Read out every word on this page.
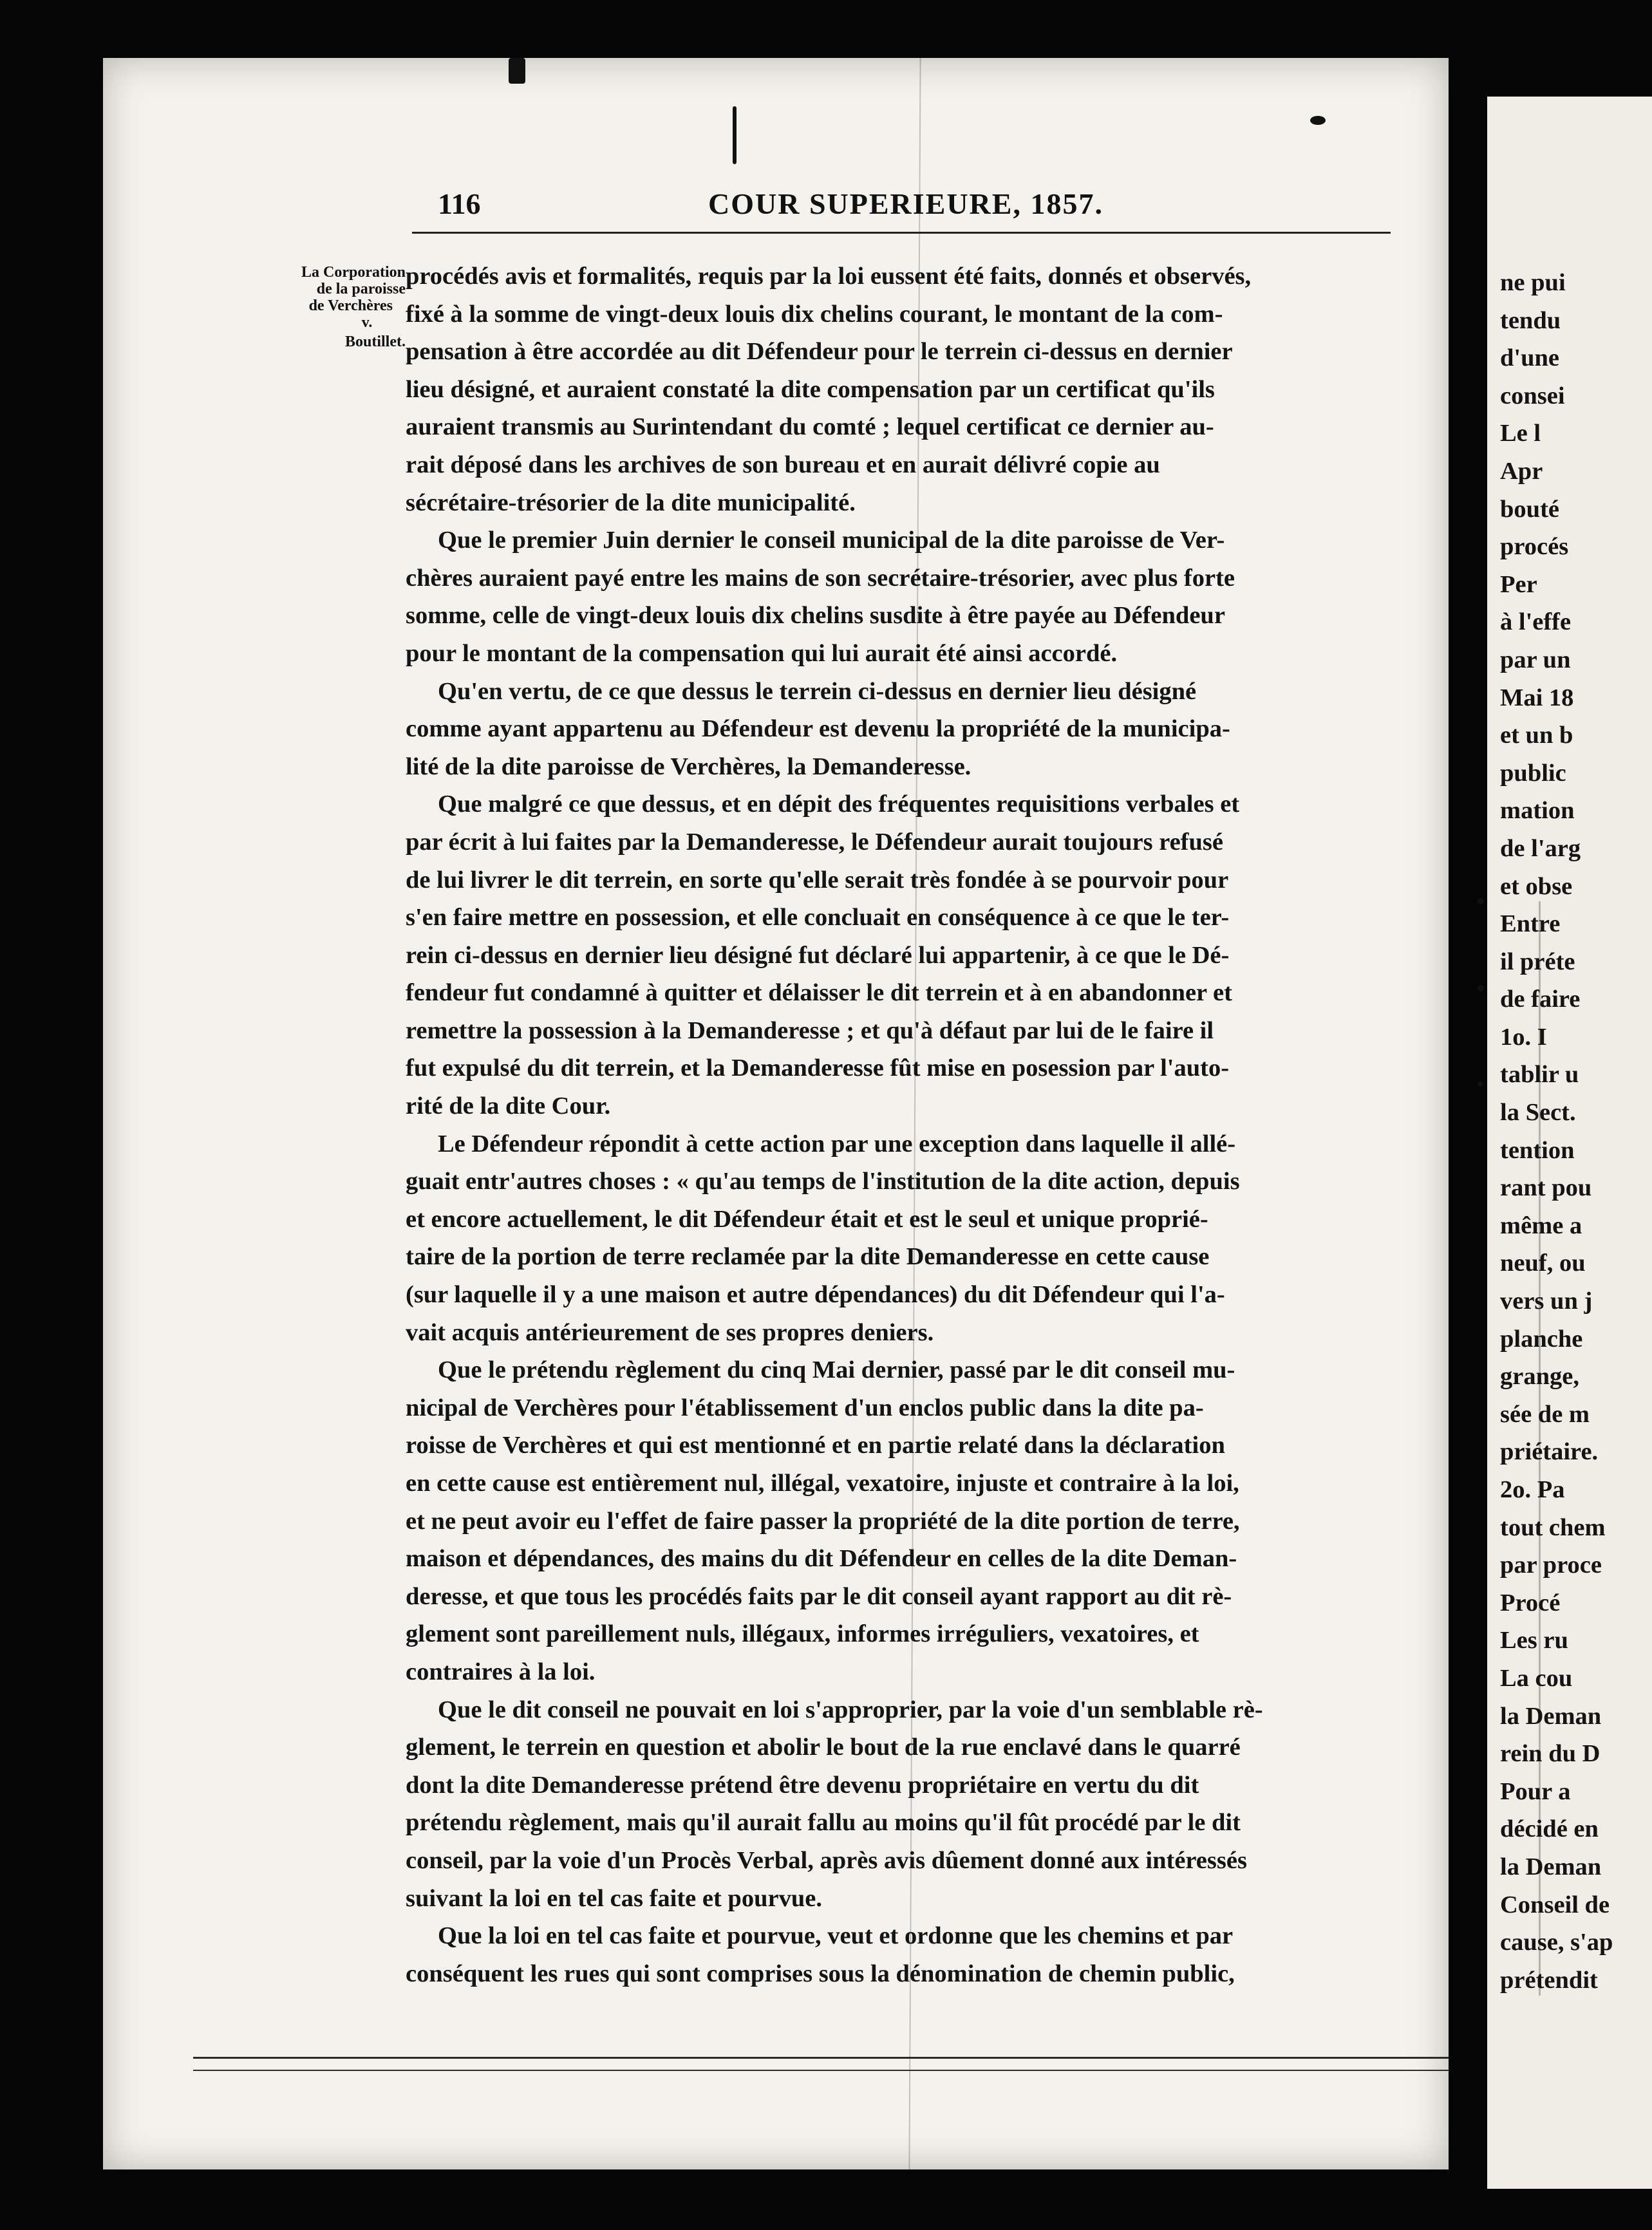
116	COUR SUPERIEURE, 1857.
La Corporation
de la paroisse
de Verchères
v.
Boutillet.
procédés avis et formalités, requis par la loi eussent été faits, donnés et observés,
fixé à la somme de vingt-deux louis dix chelins courant, le montant de la com-
pensation à être accordée au dit Défendeur pour le terrein ci-dessus en dernier
lieu désigné, et auraient constaté la dite compensation par un certificat qu'ils
auraient transmis au Surintendant du comté ; lequel certificat ce dernier au-
rait déposé dans les archives de son bureau et en aurait délivré copie au
sécrétaire-trésorier de la dite municipalité.
Que le premier Juin dernier le conseil municipal de la dite paroisse de Ver-
chères auraient payé entre les mains de son secrétaire-trésorier, avec plus forte
somme, celle de vingt-deux louis dix chelins susdite à être payée au Défendeur
pour le montant de la compensation qui lui aurait été ainsi accordé.
Qu'en vertu, de ce que dessus le terrein ci-dessus en dernier lieu désigné
comme ayant appartenu au Défendeur est devenu la propriété de la municipa-
lité de la dite paroisse de Verchères, la Demanderesse.
Que malgré ce que dessus, et en dépit des fréquentes requisitions verbales et
par écrit à lui faites par la Demanderesse, le Défendeur aurait toujours refusé
de lui livrer le dit terrein, en sorte qu'elle serait très fondée à se pourvoir pour
s'en faire mettre en possession, et elle concluait en conséquence à ce que le ter-
rein ci-dessus en dernier lieu désigné fut déclaré lui appartenir, à ce que le Dé-
fendeur fut condamné à quitter et délaisser le dit terrein et à en abandonner et
remettre la possession à la Demanderesse ; et qu'à défaut par lui de le faire il
fut expulsé du dit terrein, et la Demanderesse fût mise en posession par l'auto-
rité de la dite Cour.
Le Défendeur répondit à cette action par une exception dans laquelle il allé-
guait entr'autres choses : « qu'au temps de l'institution de la dite action, depuis
et encore actuellement, le dit Défendeur était et est le seul et unique proprié-
taire de la portion de terre reclamée par la dite Demanderesse en cette cause
(sur laquelle il y a une maison et autre dépendances) du dit Défendeur qui l'a-
vait acquis antérieurement de ses propres deniers.
Que le prétendu règlement du cinq Mai dernier, passé par le dit conseil mu-
nicipal de Verchères pour l'établissement d'un enclos public dans la dite pa-
roisse de Verchères et qui est mentionné et en partie relaté dans la déclaration
en cette cause est entièrement nul, illégal, vexatoire, injuste et contraire à la loi,
et ne peut avoir eu l'effet de faire passer la propriété de la dite portion de terre,
maison et dépendances, des mains du dit Défendeur en celles de la dite Deman-
deresse, et que tous les procédés faits par le dit conseil ayant rapport au dit rè-
glement sont pareillement nuls, illégaux, informes irréguliers, vexatoires, et
contraires à la loi.
Que le dit conseil ne pouvait en loi s'approprier, par la voie d'un semblable rè-
glement, le terrein en question et abolir le bout de la rue enclavé dans le quarré
dont la dite Demanderesse prétend être devenu propriétaire en vertu du dit
prétendu règlement, mais qu'il aurait fallu au moins qu'il fût procédé par le dit
conseil, par la voie d'un Procès Verbal, après avis dûement donné aux intéressés
suivant la loi en tel cas faite et pourvue.
Que la loi en tel cas faite et pourvue, veut et ordonne que les chemins et par
conséquent les rues qui sont comprises sous la dénomination de chemin public,
ne pui
tendu
d'une
consei
Le l
Apr
bouté
procés
Per
à l'effe
par un
Mai 18
et un b
public
mation
de l'arg
et obse
Entre
il préte
de faire
1o. I
tablir u
la Sect.
tention
rant pou
même a
neuf, ou
vers un j
planche
grange,
sée de m
priétaire.
2o. Pa
tout chem
par proce
Procé
Les ru
La cou
la Deman
rein du D
Pour a
décidé en
la Deman
Conseil de
cause, s'ap
prétendit
